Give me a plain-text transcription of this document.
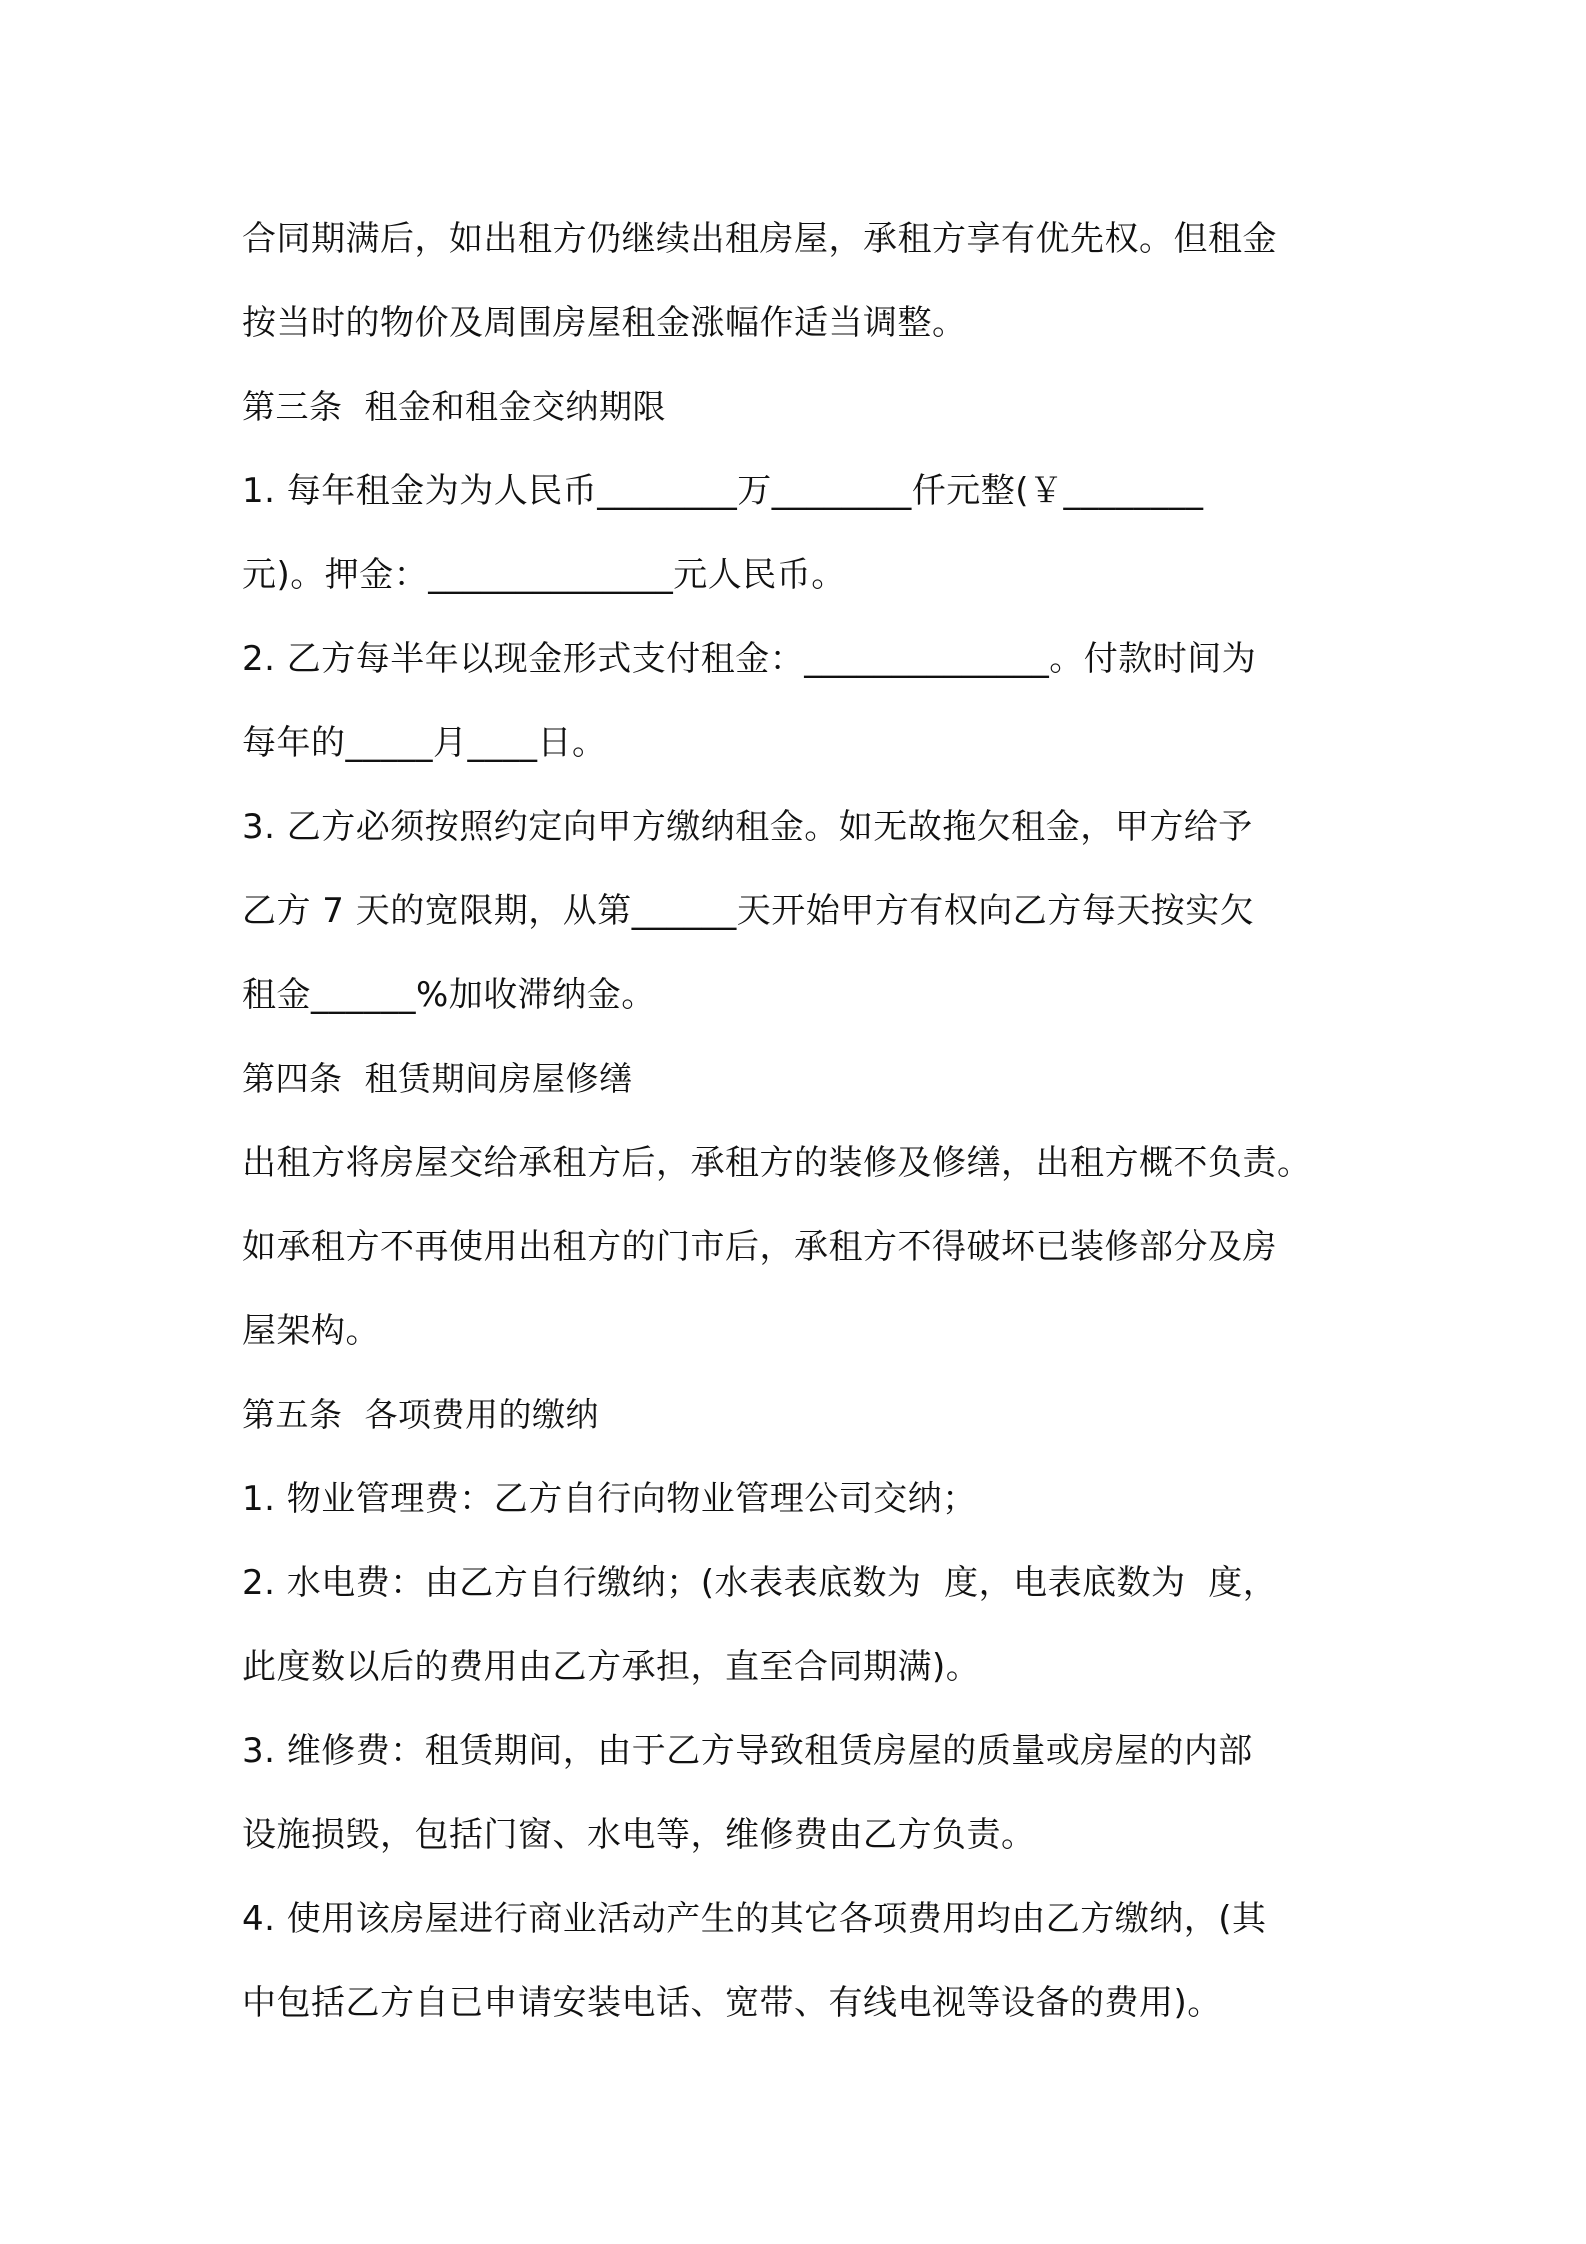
合同期满后，如出租方仍继续出租房屋，承租方享有优先权。但租金
按当时的物价及周围房屋租金涨幅作适当调整。
第三条  租金和租金交纳期限
1. 每年租金为为人民币________万________仟元整(￥________
元)。押金：______________元人民币。
2. 乙方每半年以现金形式支付租金：______________。付款时间为
每年的_____月____日。
3. 乙方必须按照约定向甲方缴纳租金。如无故拖欠租金，甲方给予
乙方 7 天的宽限期，从第______天开始甲方有权向乙方每天按实欠
租金______%加收滞纳金。
第四条  租赁期间房屋修缮
出租方将房屋交给承租方后，承租方的装修及修缮，出租方概不负责。
如承租方不再使用出租方的门市后，承租方不得破坏已装修部分及房
屋架构。
第五条  各项费用的缴纳
1. 物业管理费：乙方自行向物业管理公司交纳；
2. 水电费：由乙方自行缴纳；(水表表底数为  度，电表底数为  度，
此度数以后的费用由乙方承担，直至合同期满)。
3. 维修费：租赁期间，由于乙方导致租赁房屋的质量或房屋的内部
设施损毁，包括门窗、水电等，维修费由乙方负责。
4. 使用该房屋进行商业活动产生的其它各项费用均由乙方缴纳，(其
中包括乙方自已申请安装电话、宽带、有线电视等设备的费用)。
